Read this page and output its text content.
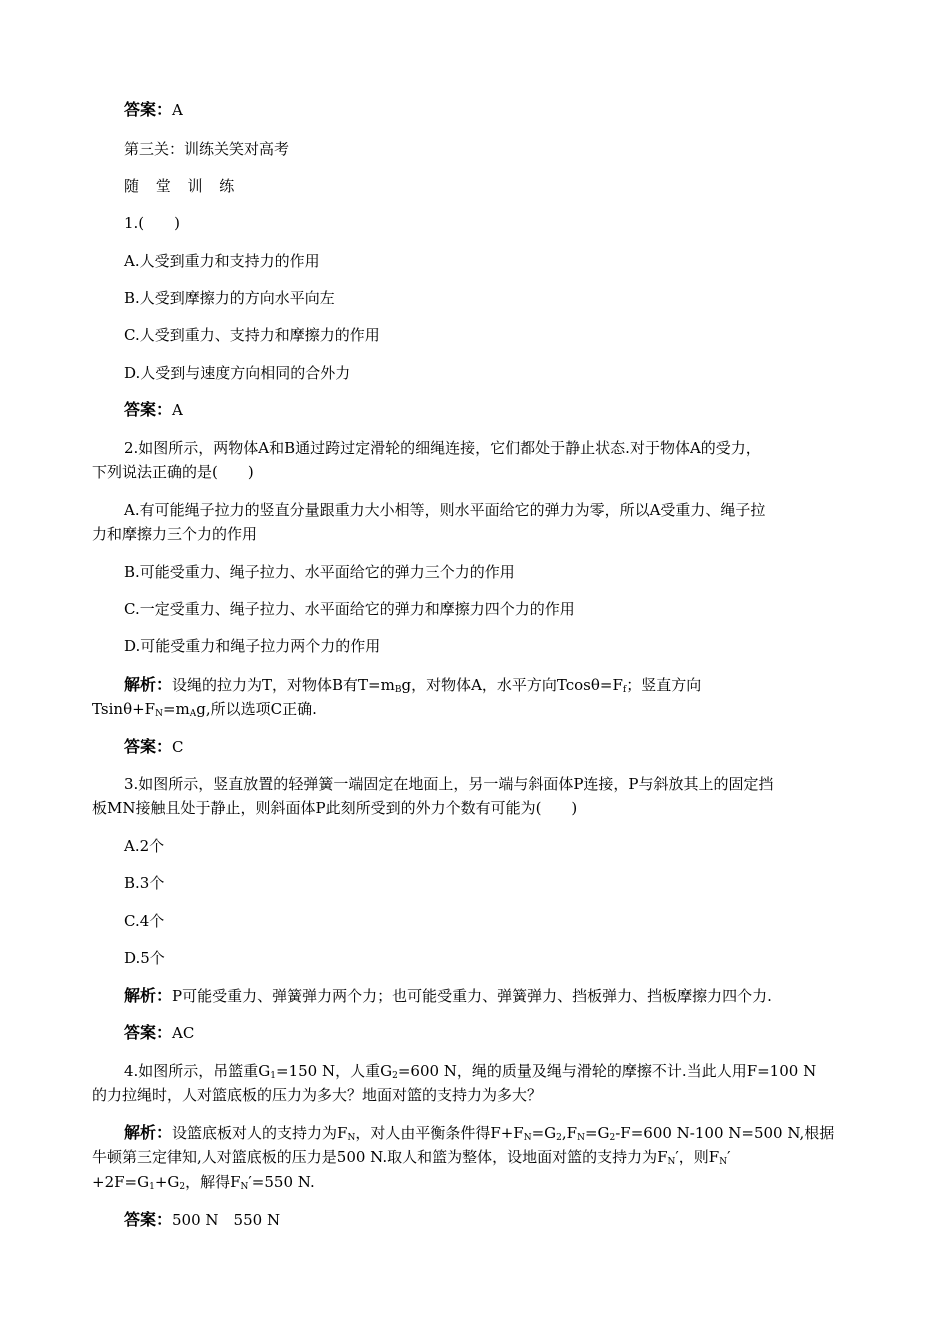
答案：A
第三关：训练关笑对高考
随 堂 训 练
1.(　　)
A.人受到重力和支持力的作用
B.人受到摩擦力的方向水平向左
C.人受到重力、支持力和摩擦力的作用
D.人受到与速度方向相同的合外力
答案：A
2.如图所示，两物体A和B通过跨过定滑轮的细绳连接，它们都处于静止状态.对于物体A的受力，
下列说法正确的是(　　)
A.有可能绳子拉力的竖直分量跟重力大小相等，则水平面给它的弹力为零，所以A受重力、绳子拉
力和摩擦力三个力的作用
B.可能受重力、绳子拉力、水平面给它的弹力三个力的作用
C.一定受重力、绳子拉力、水平面给它的弹力和摩擦力四个力的作用
D.可能受重力和绳子拉力两个力的作用
解析：设绳的拉力为T，对物体B有$T=m_Bg$，对物体A，水平方向$Tcos\theta=F_f$；竖直方向
$Tsin\theta+F_N=m_Ag$,所以选项C正确.
答案：C
3.如图所示，竖直放置的轻弹簧一端固定在地面上，另一端与斜面体P连接，P与斜放其上的固定挡
板MN接触且处于静止，则斜面体P此刻所受到的外力个数有可能为(　　)
A.2个
B.3个
C.4个
D.5个
解析：P可能受重力、弹簧弹力两个力；也可能受重力、弹簧弹力、挡板弹力、挡板摩擦力四个力.
答案：AC
4.如图所示，吊篮重$G_1=150$ N，人重$G_2=600$ N，绳的质量及绳与滑轮的摩擦不计.当此人用F=100 N
的力拉绳时，人对篮底板的压力为多大？地面对篮的支持力为多大？
解析：设篮底板对人的支持力为$F_N$，对人由平衡条件得$F+F_N=G_2,F_N=G_2-F=600$ N-100 N=500 N,根据
牛顿第三定律知,人对篮底板的压力是500 N.取人和篮为整体，设地面对篮的支持力为$F_N'$，则$F_N'$
$+2F=G_1+G_2$，解得$F_N'=550$ N.
答案：500 N　550 N
